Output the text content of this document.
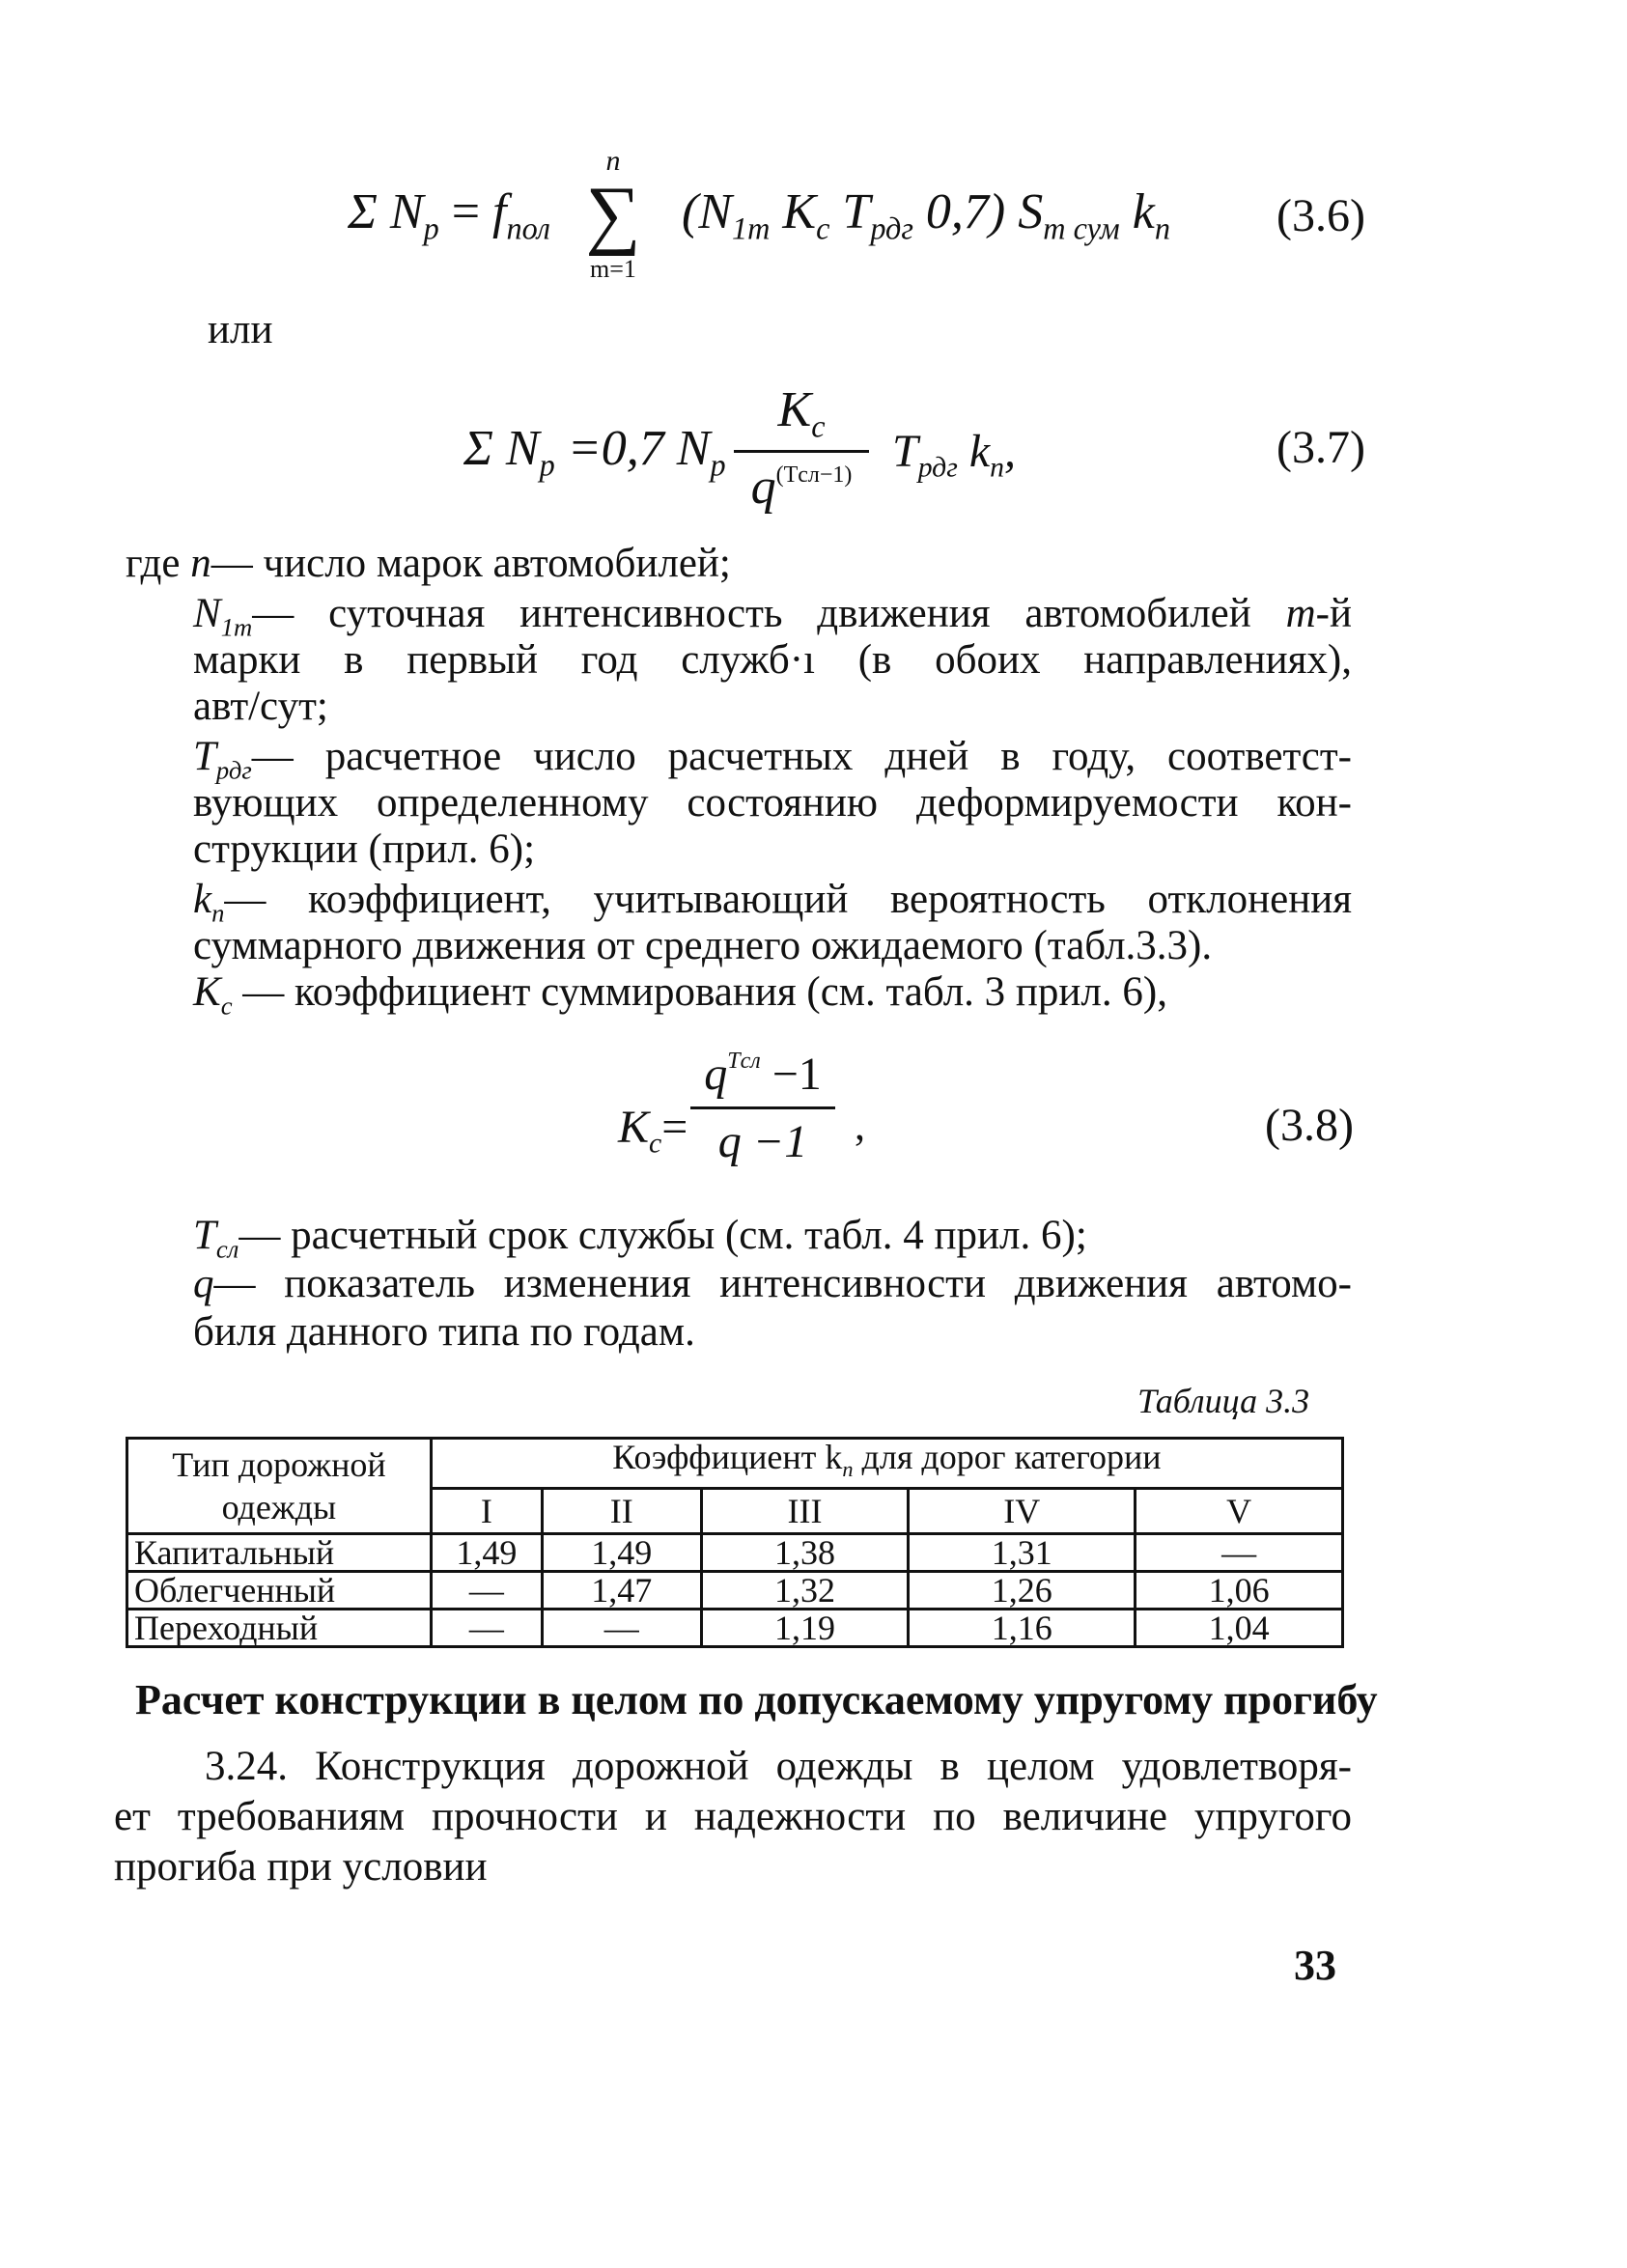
Σ $N_p = f_{пол}$	($N_{1m}$ $K_c$ $T_{рдг}$ 0,7) $S_{m сум}$ $k_n$
n
∑
m=1
(3.6)
или
Σ $N_p =0,7$ $N_p$
$K_c$
$q^{(Tсл-1)}$ $T_{рдг}$ $k_n$,	(3.7)
где n— число марок автомобилей;
$N_{1m}—$ суточная интенсивность движения автомобилей m-й
марки в первый год служб·ı (в обоих направлениях),
авт/сут;
$T_{рдг}—$ расчетное число расчетных дней в году, соответст-
вующих определенному состоянию деформируемости кон-
струкции (прил. 6);
$k_n—$ коэффициент, учитывающий вероятность отклонения
суммарного движения от среднего ожидаемого (табл.3.3).
$K_c$ — коэффициент суммирования (см. табл. 3 прил. 6),
$K_c=$
$q^{Tсл} -1$
q −1	,	(3.8)
$T_{сл}—$ расчетный срок службы (см. табл. 4 прил. 6);
q— показатель изменения интенсивности движения автомо-
биля данного типа по годам.
Таблица 3.3
Тип дорожной
одежды	Коэффициент $k_n$ для дорог категории				
	I	II	III	IV	V
Капитальный	1,49	1,49	1,38	1,31	—
Облегченный	—	1,47	1,32	1,26	1,06
Переходный	—	—	1,19	1,16	1,04
Расчет конструкции в целом по допускаемому упругому прогибу
3.24. Конструкция дорожной одежды в целом удовлетворя-
ет требованиям прочности и надежности по величине упругого
прогиба при условии
33
